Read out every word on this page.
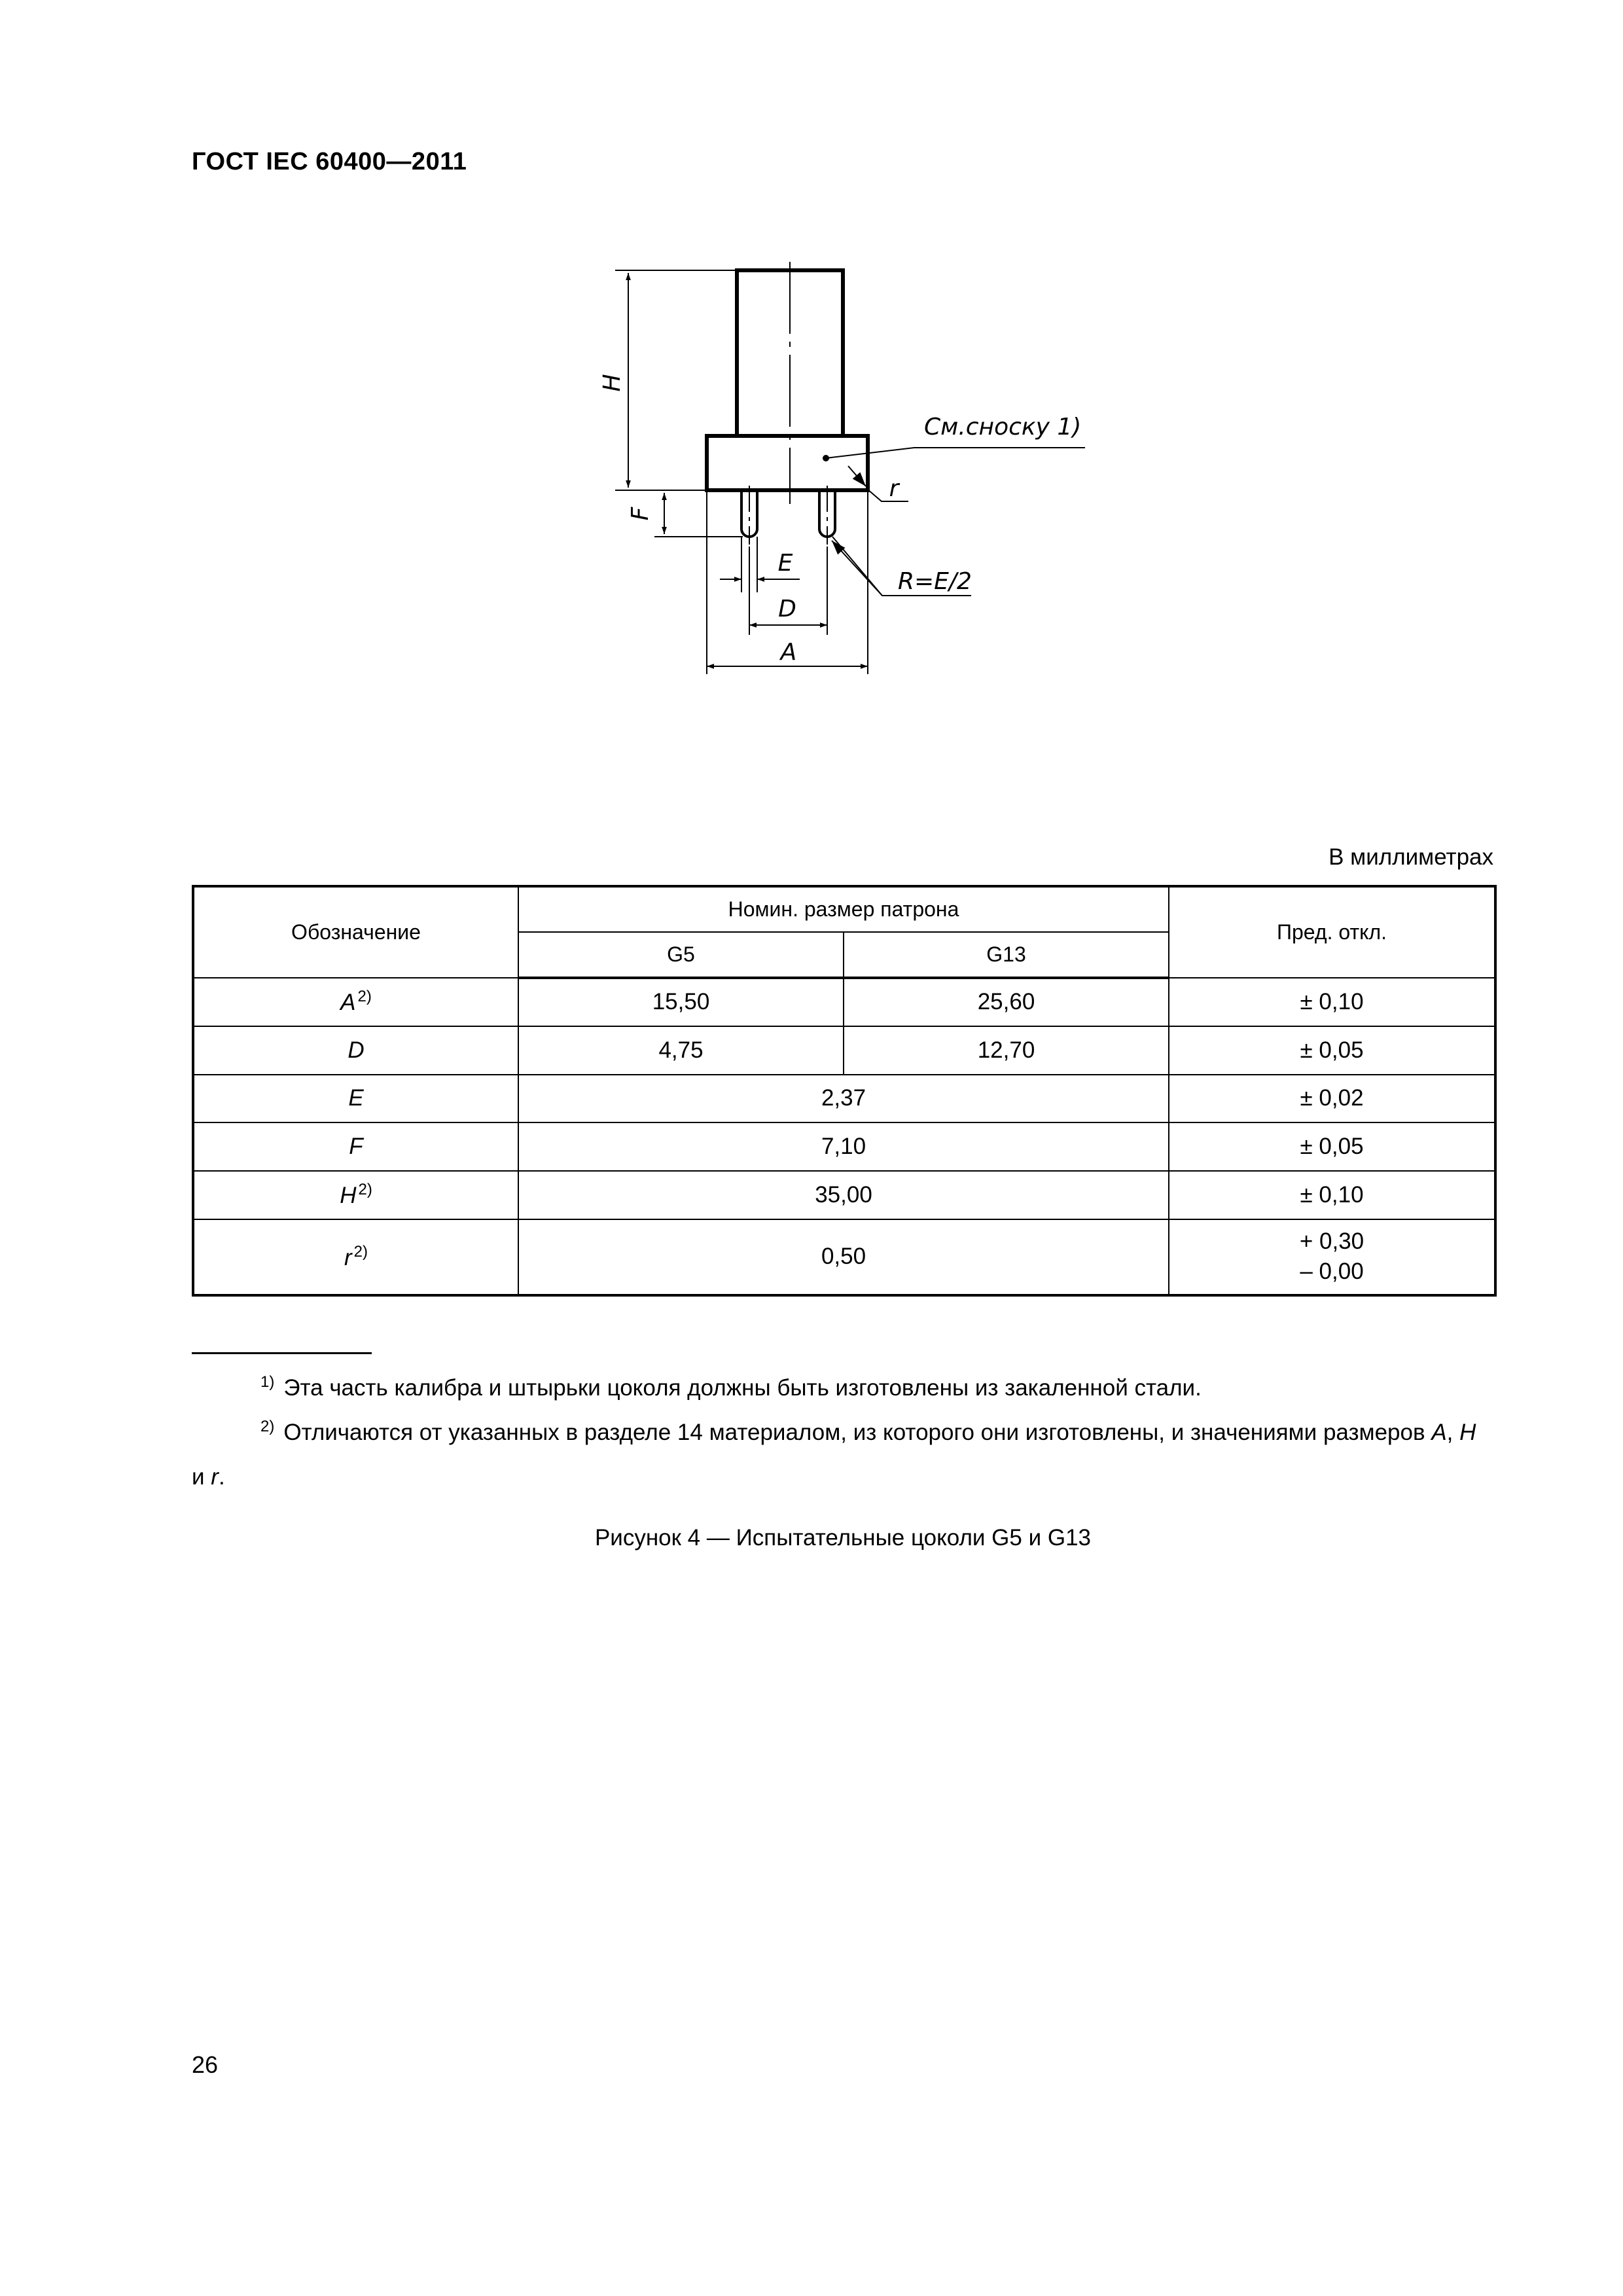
ГОСТ IEC 60400—2011
H
F
E
D
A
r
R=E/2
См.сноску 1)
В миллиметрах
Обозначение	Номин. размер патрона		Пред. откл.
	G5	G13	
A $^{2)}$	15,50	25,60	± 0,10
D	4,75	12,70	± 0,05
E	2,37		± 0,02
F	7,10		± 0,05
H $^{2)}$	35,00		± 0,10
r $^{2)}$	0,50		+ 0,30
– 0,00
$^{1)}$ Эта часть калибра и штырьки цоколя должны быть изготовлены из закаленной стали.
$^{2)}$ Отличаются от указанных в разделе 14 материалом, из которого они изготовлены, и значениями размеров A, H и r.
Рисунок 4 — Испытательные цоколи G5 и G13
26
